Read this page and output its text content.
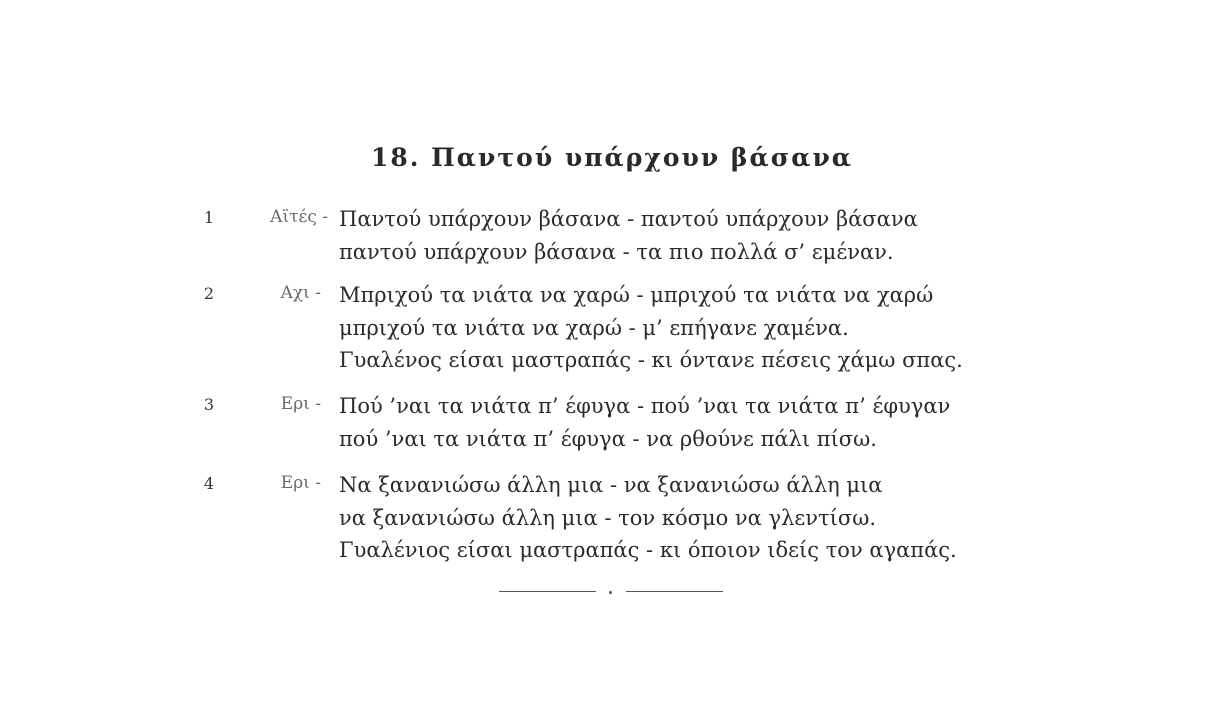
18. Παντού υπάρχουν βάσανα
1	Αϊτές - Παντού υπάρχουν βάσανα - παντού υπάρχουν βάσανα
παντού υπάρχουν βάσανα - τα πιο πολλά σ’ εμέναν.
2	Αχι - Μπριχού τα νιάτα να χαρώ - μπριχού τα νιάτα να χαρώ
μπριχού τα νιάτα να χαρώ - μ’ επήγανε χαμένα.
Γυαλένος είσαι μαστραπάς - κι όντανε πέσεις χάμω σπας.
3	Ερι - Πού ’ναι τα νιάτα π’ έφυγα - πού ’ναι τα νιάτα π’ έφυγαν
πού ’ναι τα νιάτα π’ έφυγα - να ρθούνε πάλι πίσω.
4	Ερι - Να ξανανιώσω άλλη μια - να ξανανιώσω άλλη μια
να ξανανιώσω άλλη μια - τον κόσμο να γλεντίσω.
Γυαλένιος είσαι μαστραπάς - κι όποιον ιδείς τον αγαπάς.
